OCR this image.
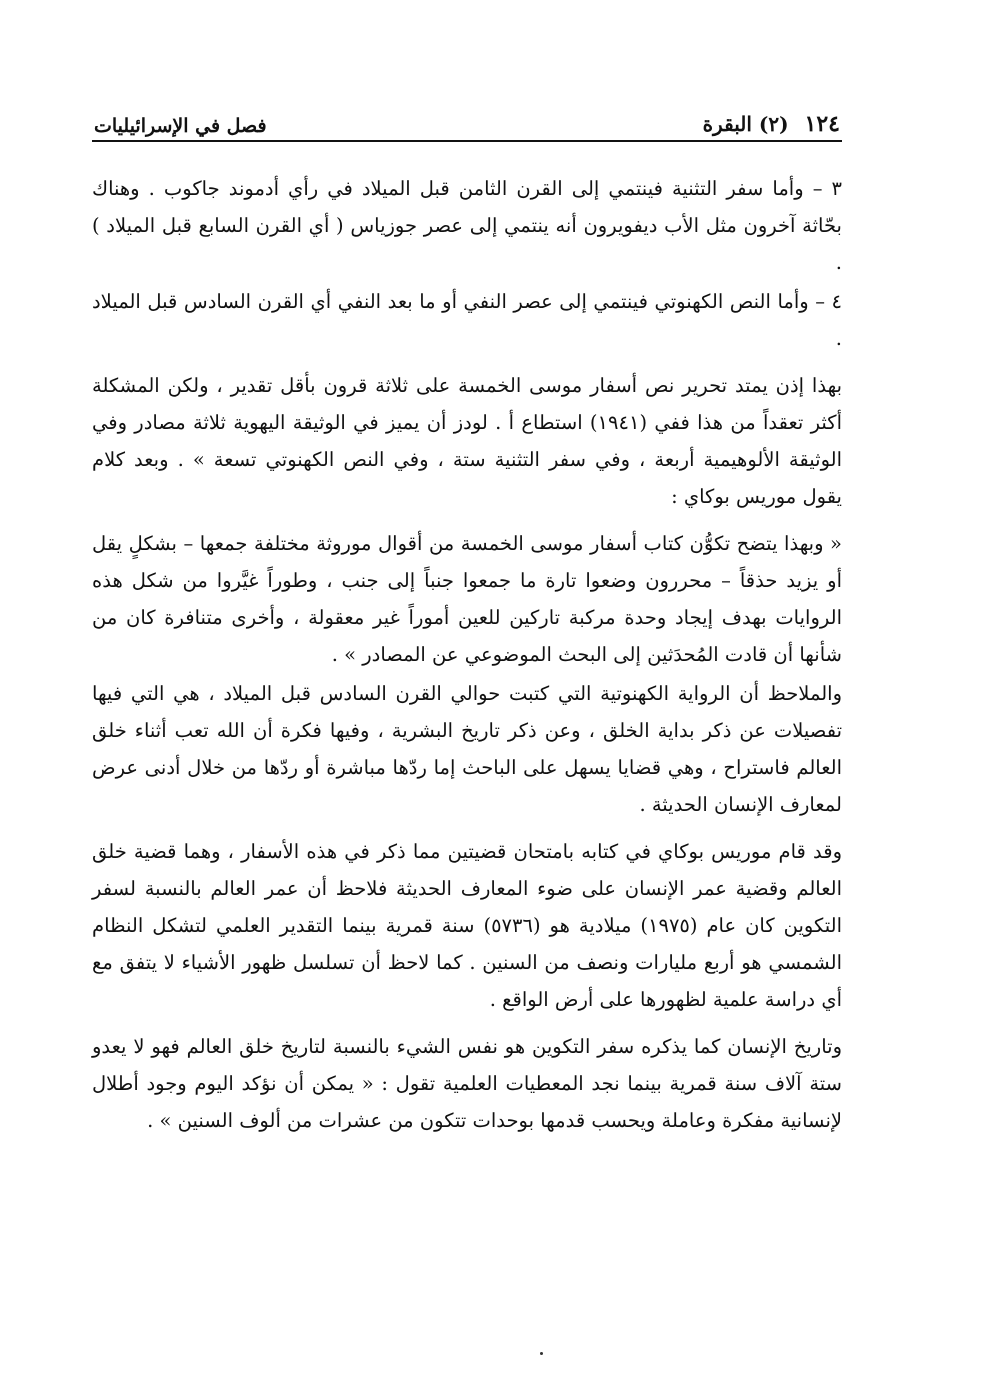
١٢٤
(٢) البقرة
فصل في الإسرائيليات

٣ – وأما سفر التثنية فينتمي إلى القرن الثامن قبل الميلاد في رأي أدموند جاكوب . وهناك بحّاثة آخرون مثل الأب ديفويرون أنه ينتمي إلى عصر جوزياس ( أي القرن السابع قبل الميلاد ) .

٤ – وأما النص الكهنوتي فينتمي إلى عصر النفي أو ما بعد النفي أي القرن السادس قبل الميلاد .

بهذا إذن يمتد تحرير نص أسفار موسى الخمسة على ثلاثة قرون بأقل تقدير ، ولكن المشكلة أكثر تعقداً من هذا ففي (١٩٤١) استطاع أ . لودز أن يميز في الوثيقة اليهوية ثلاثة مصادر وفي الوثيقة الألوهيمية أربعة ، وفي سفر التثنية ستة ، وفي النص الكهنوتي تسعة » . وبعد كلام يقول موريس بوكاي :

« وبهذا يتضح تكوُّن كتاب أسفار موسى الخمسة من أقوال موروثة مختلفة جمعها – بشكلٍ يقل أو يزيد حذقاً – محررون وضعوا تارة ما جمعوا جنباً إلى جنب ، وطوراً غيَّروا من شكل هذه الروايات بهدف إيجاد وحدة مركبة تاركين للعين أموراً غير معقولة ، وأخرى متنافرة كان من شأنها أن قادت المُحدَثين إلى البحث الموضوعي عن المصادر » .

والملاحظ أن الرواية الكهنوتية التي كتبت حوالي القرن السادس قبل الميلاد ، هي التي فيها تفصيلات عن ذكر بداية الخلق ، وعن ذكر تاريخ البشرية ، وفيها فكرة أن الله تعب أثناء خلق العالم فاستراح ، وهي قضايا يسهل على الباحث إما ردّها مباشرة أو ردّها من خلال أدنى عرض لمعارف الإنسان الحديثة .

وقد قام موريس بوكاي في كتابه بامتحان قضيتين مما ذكر في هذه الأسفار ، وهما قضية خلق العالم وقضية عمر الإنسان على ضوء المعارف الحديثة فلاحظ أن عمر العالم بالنسبة لسفر التكوين كان عام (١٩٧٥) ميلادية هو (٥٧٣٦) سنة قمرية بينما التقدير العلمي لتشكل النظام الشمسي هو أربع مليارات ونصف من السنين . كما لاحظ أن تسلسل ظهور الأشياء لا يتفق مع أي دراسة علمية لظهورها على أرض الواقع .

وتاريخ الإنسان كما يذكره سفر التكوين هو نفس الشيء بالنسبة لتاريخ خلق العالم فهو لا يعدو ستة آلاف سنة قمرية بينما نجد المعطيات العلمية تقول : « يمكن أن نؤكد اليوم وجود أطلال لإنسانية مفكرة وعاملة ويحسب قدمها بوحدات تتكون من عشرات من ألوف السنين » .
